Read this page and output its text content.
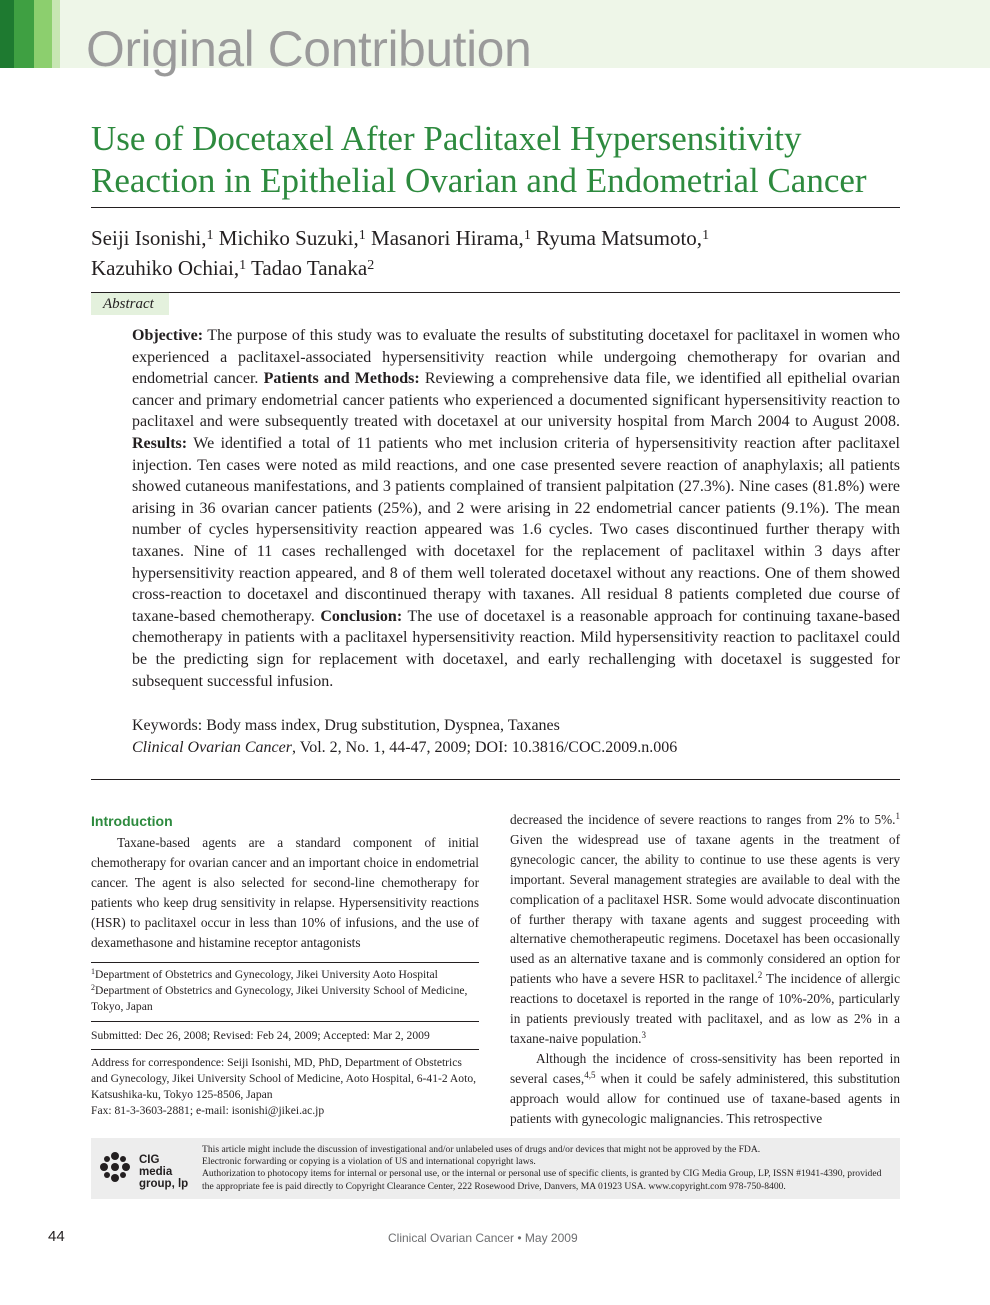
Original Contribution
Use of Docetaxel After Paclitaxel Hypersensitivity Reaction in Epithelial Ovarian and Endometrial Cancer
Seiji Isonishi,$^1$ Michiko Suzuki,$^1$ Masanori Hirama,$^1$ Ryuma Matsumoto,$^1$
Kazuhiko Ochiai,$^1$ Tadao Tanaka$^2$
Abstract
Objective: The purpose of this study was to evaluate the results of substituting docetaxel for paclitaxel in women who experienced a paclitaxel-associated hypersensitivity reaction while undergoing chemotherapy for ovarian and endometrial cancer. Patients and Methods: Reviewing a comprehensive data file, we identified all epithelial ovarian cancer and primary endometrial cancer patients who experienced a documented significant hypersensitivity reaction to paclitaxel and were subsequently treated with docetaxel at our university hospital from March 2004 to August 2008. Results: We identified a total of 11 patients who met inclusion criteria of hypersensitivity reaction after paclitaxel injection. Ten cases were noted as mild reactions, and one case presented severe reaction of anaphylaxis; all patients showed cutaneous manifestations, and 3 patients complained of transient palpitation (27.3%). Nine cases (81.8%) were arising in 36 ovarian cancer patients (25%), and 2 were arising in 22 endometrial cancer patients (9.1%). The mean number of cycles hypersensitivity reaction appeared was 1.6 cycles. Two cases discontinued further therapy with taxanes. Nine of 11 cases rechallenged with docetaxel for the replacement of paclitaxel within 3 days after hypersensitivity reaction appeared, and 8 of them well tolerated docetaxel without any reactions. One of them showed cross-reaction to docetaxel and discontinued therapy with taxanes. All residual 8 patients completed due course of taxane-based chemotherapy. Conclusion: The use of docetaxel is a reasonable approach for continuing taxane-based chemotherapy in patients with a paclitaxel hypersensitivity reaction. Mild hypersensitivity reaction to paclitaxel could be the predicting sign for replacement with docetaxel, and early rechallenging with docetaxel is suggested for subsequent successful infusion.
Keywords: Body mass index, Drug substitution, Dyspnea, Taxanes
Clinical Ovarian Cancer, Vol. 2, No. 1, 44-47, 2009; DOI: 10.3816/COC.2009.n.006
Introduction

Taxane-based agents are a standard component of initial chemotherapy for ovarian cancer and an important choice in endometrial cancer. The agent is also selected for second-line chemotherapy for patients who keep drug sensitivity in relapse. Hypersensitivity reactions (HSR) to paclitaxel occur in less than 10% of infusions, and the use of dexamethasone and histamine receptor antagonists

$^1$Department of Obstetrics and Gynecology, Jikei University Aoto Hospital
$^2$Department of Obstetrics and Gynecology, Jikei University School of Medicine, Tokyo, Japan
Submitted: Dec 26, 2008; Revised: Feb 24, 2009; Accepted: Mar 2, 2009
Address for correspondence: Seiji Isonishi, MD, PhD, Department of Obstetrics and Gynecology, Jikei University School of Medicine, Aoto Hospital, 6-41-2 Aoto, Katsushika-ku, Tokyo 125-8506, Japan
Fax: 81-3-3603-2881; e-mail: isonishi@jikei.ac.jp

decreased the incidence of severe reactions to ranges from 2% to 5%.$^1$ Given the widespread use of taxane agents in the treatment of gynecologic cancer, the ability to continue to use these agents is very important. Several management strategies are available to deal with the complication of a paclitaxel HSR. Some would advocate discontinuation of further therapy with taxane agents and suggest proceeding with alternative chemotherapeutic regimens. Docetaxel has been occasionally used as an alternative taxane and is commonly considered an option for patients who have a severe HSR to paclitaxel.$^2$ The incidence of allergic reactions to docetaxel is reported in the range of 10%-20%, particularly in patients previously treated with paclitaxel, and as low as 2% in a taxane-naive population.$^3$

Although the incidence of cross-sensitivity has been reported in several cases,$^{4,5}$ when it could be safely administered, this substitution approach would allow for continued use of taxane-based agents in patients with gynecologic malignancies. This retrospective

CIG
media
group, lp
This article might include the discussion of investigational and/or unlabeled uses of drugs and/or devices that might not be approved by the FDA.
Electronic forwarding or copying is a violation of US and international copyright laws.
Authorization to photocopy items for internal or personal use, or the internal or personal use of specific clients, is granted by CIG Media Group, LP, ISSN #1941-4390, provided the appropriate fee is paid directly to Copyright Clearance Center, 222 Rosewood Drive, Danvers, MA 01923 USA. www.copyright.com 978-750-8400.
44	Clinical Ovarian Cancer • May 2009
